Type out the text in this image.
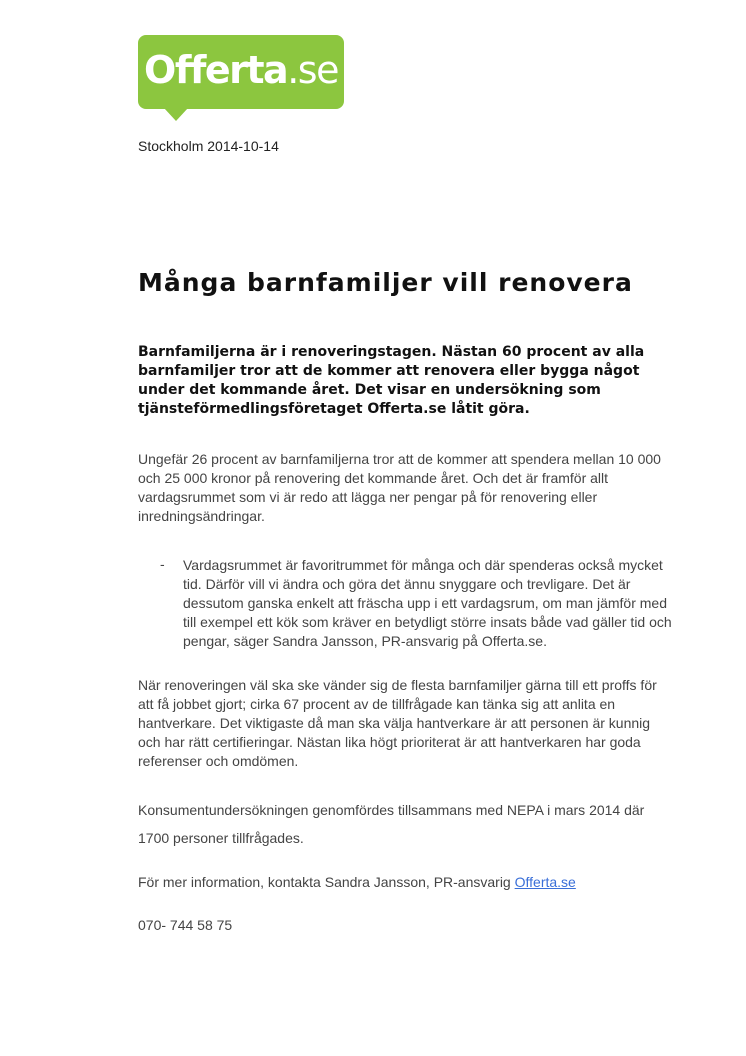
Offerta.se
Stockholm 2014-10-14
Många barnfamiljer vill renovera

Barnfamiljerna är i renoveringstagen. Nästan 60 procent av alla barnfamiljer tror att de kommer att renovera eller bygga något under det kommande året. Det visar en undersökning som tjänsteförmedlingsföretaget Offerta.se låtit göra.

Ungefär 26 procent av barnfamiljerna tror att de kommer att spendera mellan 10 000 och 25 000 kronor på renovering det kommande året. Och det är framför allt vardagsrummet som vi är redo att lägga ner pengar på för renovering eller inredningsändringar.

- Vardagsrummet är favoritrummet för många och där spenderas också mycket tid. Därför vill vi ändra och göra det ännu snyggare och trevligare. Det är dessutom ganska enkelt att fräscha upp i ett vardagsrum, om man jämför med till exempel ett kök som kräver en betydligt större insats både vad gäller tid och pengar, säger Sandra Jansson, PR-ansvarig på Offerta.se.

När renoveringen väl ska ske vänder sig de flesta barnfamiljer gärna till ett proffs för att få jobbet gjort; cirka 67 procent av de tillfrågade kan tänka sig att anlita en hantverkare. Det viktigaste då man ska välja hantverkare är att personen är kunnig och har rätt certifieringar. Nästan lika högt prioriterat är att hantverkaren har goda referenser och omdömen.

Konsumentundersökningen genomfördes tillsammans med NEPA i mars 2014 där

1700 personer tillfrågades.

För mer information, kontakta Sandra Jansson, PR-ansvarig Offerta.se

070- 744 58 75
